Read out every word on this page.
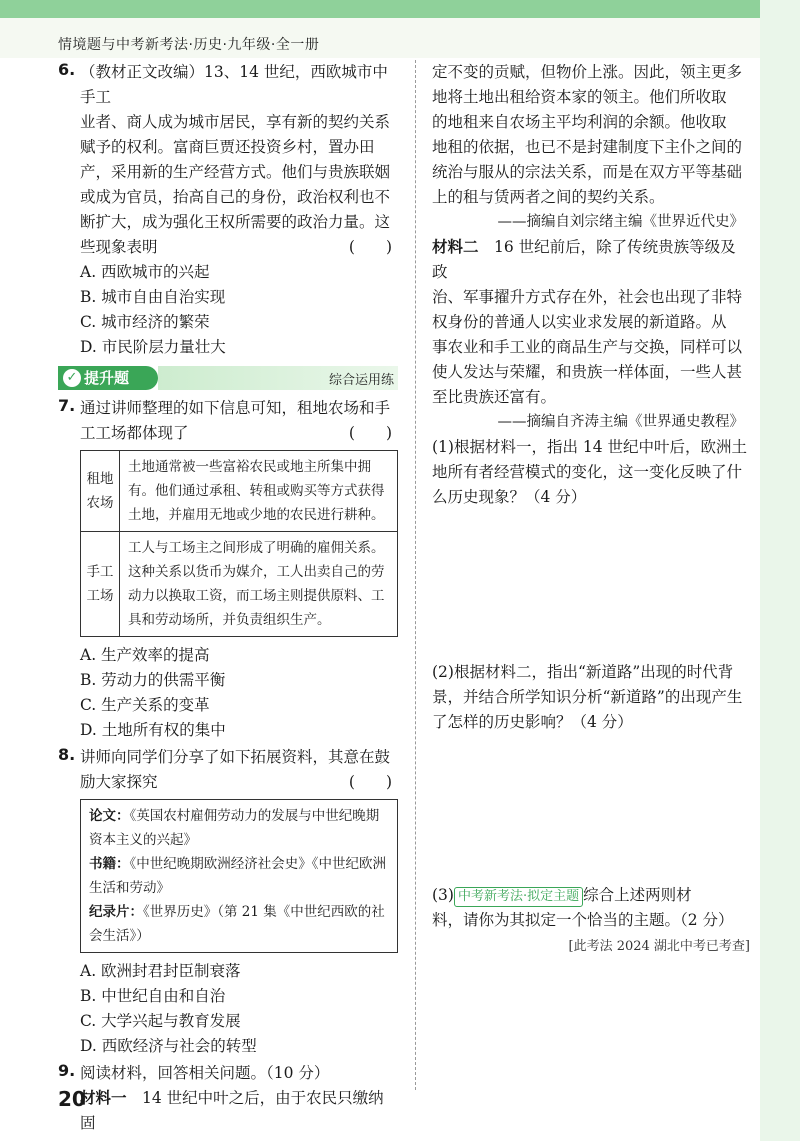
情境题与中考新考法·历史·九年级·全一册
6. （教材正文改编）13、14 世纪，西欧城市中手工

业者、商人成为城市居民，享有新的契约关系

赋予的权利。富商巨贾还投资乡村，置办田

产，采用新的生产经营方式。他们与贵族联姻

或成为官员，抬高自己的身份，政治权利也不

断扩大，成为强化王权所需要的政治力量。这

些现象表明	(　　)

A. 西欧城市的兴起
B. 城市自由自治实现
C. 城市经济的繁荣
D. 市民阶层力量壮大
✓ 提升题	综合运用练
7. 通过讲师整理的如下信息可知，租地农场和手

工工场都体现了	(　　)

租地农场	土地通常被一些富裕农民或地主所集中拥有。他们通过承租、转租或购买等方式获得土地，并雇用无地或少地的农民进行耕种。
手工工场	工人与工场主之间形成了明确的雇佣关系。这种关系以货币为媒介，工人出卖自己的劳动力以换取工资，而工场主则提供原料、工具和劳动场所，并负责组织生产。
A. 生产效率的提高
B. 劳动力的供需平衡
C. 生产关系的变革
D. 土地所有权的集中
8. 讲师向同学们分享了如下拓展资料，其意在鼓

励大家探究	(　　)

论文：《英国农村雇佣劳动力的发展与中世纪晚期资本主义的兴起》
书籍：《中世纪晚期欧洲经济社会史》《中世纪欧洲生活和劳动》
纪录片：《世界历史》（第 21 集《中世纪西欧的社会生活》）
A. 欧洲封君封臣制衰落
B. 中世纪自由和自治
C. 大学兴起与教育发展
D. 西欧经济与社会的转型
9. 阅读材料，回答相关问题。（10 分）

材料一　14 世纪中叶之后，由于农民只缴纳固

定不变的贡赋，但物价上涨。因此，领主更多

地将土地出租给资本家的领主。他们所收取

的地租来自农场主平均利润的余额。他收取

地租的依据，也已不是封建制度下主仆之间的

统治与服从的宗法关系，而是在双方平等基础

上的租与赁两者之间的契约关系。

——摘编自刘宗绪主编《世界近代史》

材料二　16 世纪前后，除了传统贵族等级及政

治、军事擢升方式存在外，社会也出现了非特

权身份的普通人以实业求发展的新道路。从

事农业和手工业的商品生产与交换，同样可以

使人发达与荣耀，和贵族一样体面，一些人甚

至比贵族还富有。

——摘编自齐涛主编《世界通史教程》

(1)根据材料一，指出 14 世纪中叶后，欧洲土

地所有者经营模式的变化，这一变化反映了什

么历史现象？（4 分）

(2)根据材料二，指出“新道路”出现的时代背

景，并结合所学知识分析“新道路”的出现产生

了怎样的历史影响？（4 分）

(3) 中考新考法·拟定主题 综合上述两则材

料，请你为其拟定一个恰当的主题。（2 分）

[此考法 2024 湖北中考已考查]
20
